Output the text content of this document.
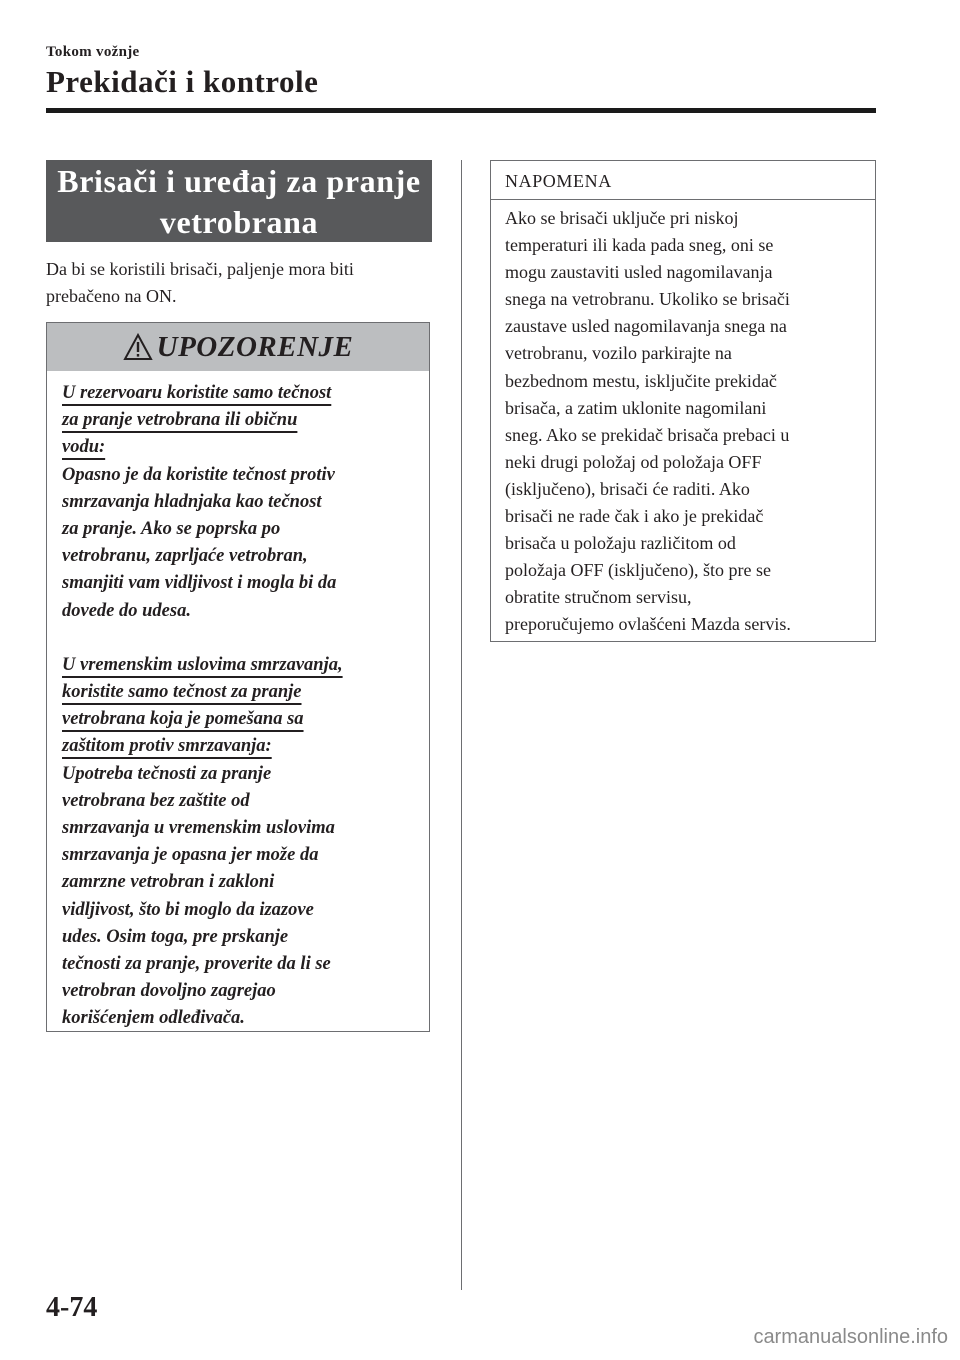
Tokom vožnje
Prekidači i kontrole
Brisači i uređaj za pranje
vetrobrana
Da bi se koristili brisači, paljenje mora biti
prebačeno na ON.
UPOZORENJE

U rezervoaru koristite samo tečnost

za pranje vetrobrana ili običnu

vodu:

Opasno je da koristite tečnost protiv

smrzavanja hladnjaka kao tečnost

za pranje. Ako se poprska po

vetrobranu, zaprljaće vetrobran,

smanjiti vam vidljivost i mogla bi da

dovede do udesa.

U vremenskim uslovima smrzavanja,

koristite samo tečnost za pranje

vetrobrana koja je pomešana sa

zaštitom protiv smrzavanja:

Upotreba tečnosti za pranje

vetrobrana bez zaštite od

smrzavanja u vremenskim uslovima

smrzavanja je opasna jer može da

zamrzne vetrobran i zakloni

vidljivost, što bi moglo da izazove

udes. Osim toga, pre prskanje

tečnosti za pranje, proverite da li se

vetrobran dovoljno zagrejao

korišćenjem odleđivača.

NAPOMENA
Ako se brisači uključe pri niskoj
temperaturi ili kada pada sneg, oni se
mogu zaustaviti usled nagomilavanja
snega na vetrobranu. Ukoliko se brisači
zaustave usled nagomilavanja snega na
vetrobranu, vozilo parkirajte na
bezbednom mestu, isključite prekidač
brisača, a zatim uklonite nagomilani
sneg. Ako se prekidač brisača prebaci u
neki drugi položaj od položaja OFF
(isključeno), brisači će raditi. Ako
brisači ne rade čak i ako je prekidač
brisača u položaju različitom od
položaja OFF (isključeno), što pre se
obratite stručnom servisu,
preporučujemo ovlašćeni Mazda servis.
4-74
carmanualsonline.info
